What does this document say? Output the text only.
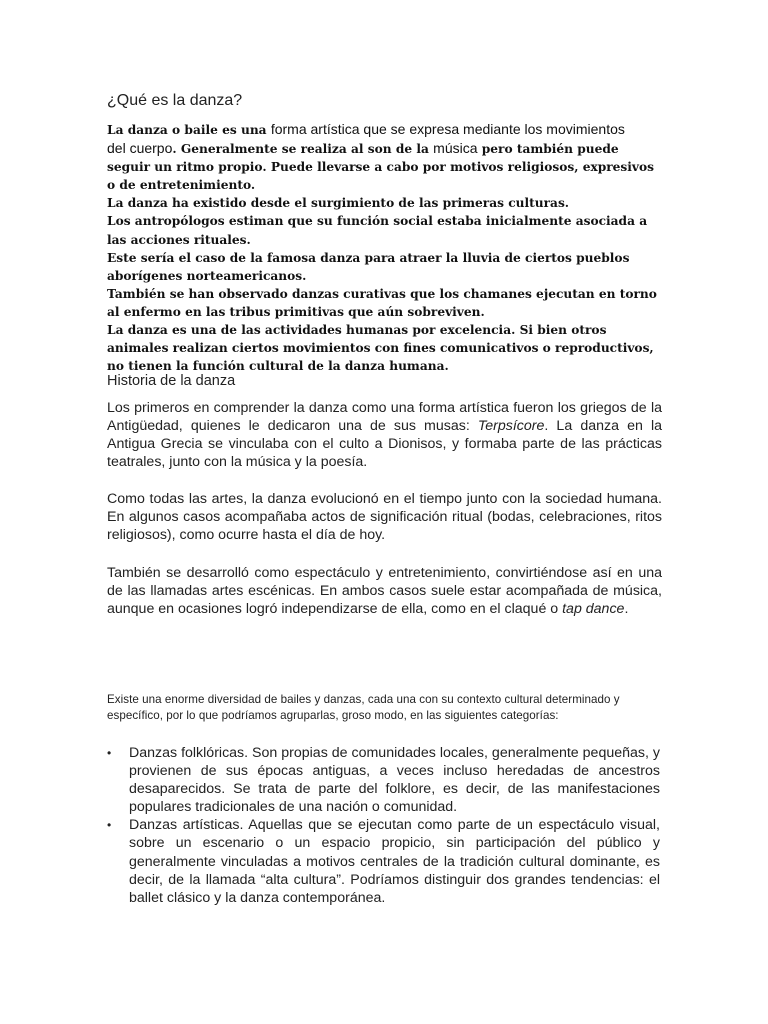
¿Qué es la danza?

La danza o baile es una forma artística que se expresa mediante los movimientos
del cuerpo. Generalmente se realiza al son de la música pero también puede seguir un ritmo propio. Puede llevarse a cabo por motivos religiosos, expresivos o de entretenimiento.

La danza ha existido desde el surgimiento de las primeras culturas.

Los antropólogos estiman que su función social estaba inicialmente asociada a las acciones rituales.

Este sería el caso de la famosa danza para atraer la lluvia de ciertos pueblos aborígenes norteamericanos.

También se han observado danzas curativas que los chamanes ejecutan en torno al enfermo en las tribus primitivas que aún sobreviven.

La danza es una de las actividades humanas por excelencia. Si bien otros animales realizan ciertos movimientos con fines comunicativos o reproductivos, no tienen la función cultural de la danza humana.

Historia de la danza

Los primeros en comprender la danza como una forma artística fueron los griegos de la Antigüedad, quienes le dedicaron una de sus musas: Terpsícore. La danza en la Antigua Grecia se vinculaba con el culto a Dionisos, y formaba parte de las prácticas teatrales, junto con la música y la poesía.

Como todas las artes, la danza evolucionó en el tiempo junto con la sociedad humana. En algunos casos acompañaba actos de significación ritual (bodas, celebraciones, ritos religiosos), como ocurre hasta el día de hoy.

También se desarrolló como espectáculo y entretenimiento, convirtiéndose así en una de las llamadas artes escénicas. En ambos casos suele estar acompañada de música, aunque en ocasiones logró independizarse de ella, como en el claqué o tap dance.

Existe una enorme diversidad de bailes y danzas, cada una con su contexto cultural determinado y específico, por lo que podríamos agruparlas, groso modo, en las siguientes categorías:

• Danzas folklóricas. Son propias de comunidades locales, generalmente pequeñas, y provienen de sus épocas antiguas, a veces incluso heredadas de ancestros desaparecidos. Se trata de parte del folklore, es decir, de las manifestaciones populares tradicionales de una nación o comunidad.
• Danzas artísticas. Aquellas que se ejecutan como parte de un espectáculo visual, sobre un escenario o un espacio propicio, sin participación del público y generalmente vinculadas a motivos centrales de la tradición cultural dominante, es decir, de la llamada “alta cultura”. Podríamos distinguir dos grandes tendencias: el ballet clásico y la danza contemporánea.
